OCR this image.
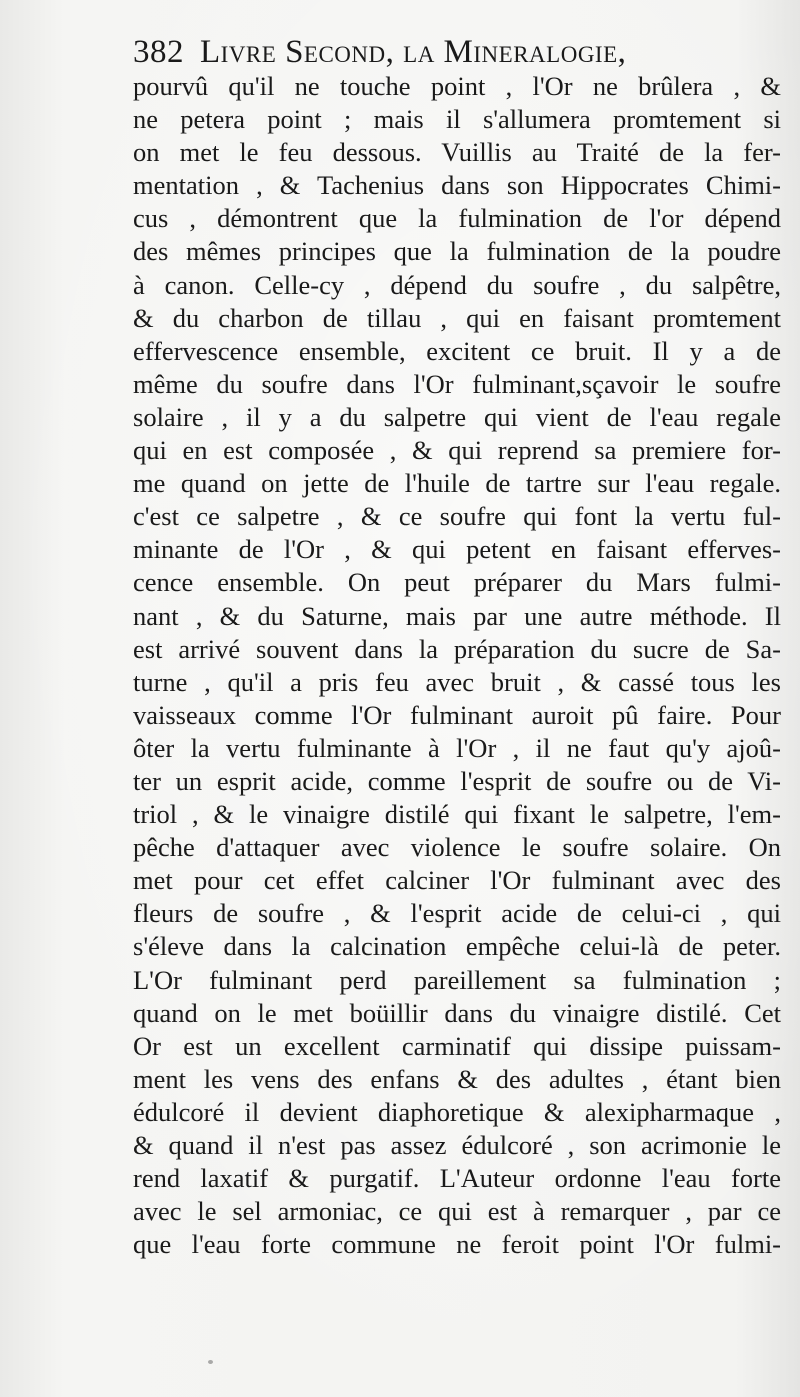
382 Livre Second, la Mineralogie,
pourvû qu'il ne touche point , l'Or ne brûlera , &
ne petera point ; mais il s'allumera promtement si
on met le feu dessous. Vuillis au Traité de la fer-
mentation , & Tachenius dans son Hippocrates Chimi-
cus , démontrent que la fulmination de l'or dépend
des mêmes principes que la fulmination de la poudre
à canon. Celle-cy , dépend du soufre , du salpêtre,
& du charbon de tillau , qui en faisant promtement
effervescence ensemble, excitent ce bruit. Il y a de
même du soufre dans l'Or fulminant,sçavoir le soufre
solaire , il y a du salpetre qui vient de l'eau regale
qui en est composée , & qui reprend sa premiere for-
me quand on jette de l'huile de tartre sur l'eau regale.
c'est ce salpetre , & ce soufre qui font la vertu ful-
minante de l'Or , & qui petent en faisant efferves-
cence ensemble. On peut préparer du Mars fulmi-
nant , & du Saturne, mais par une autre méthode. Il
est arrivé souvent dans la préparation du sucre de Sa-
turne , qu'il a pris feu avec bruit , & cassé tous les
vaisseaux comme l'Or fulminant auroit pû faire. Pour
ôter la vertu fulminante à l'Or , il ne faut qu'y ajoû-
ter un esprit acide, comme l'esprit de soufre ou de Vi-
triol , & le vinaigre distilé qui fixant le salpetre, l'em-
pêche d'attaquer avec violence le soufre solaire. On
met pour cet effet calciner l'Or fulminant avec des
fleurs de soufre , & l'esprit acide de celui-ci , qui
s'éleve dans la calcination empêche celui-là de peter.
L'Or fulminant perd pareillement sa fulmination ;
quand on le met boüillir dans du vinaigre distilé. Cet
Or est un excellent carminatif qui dissipe puissam-
ment les vens des enfans & des adultes , étant bien
édulcoré il devient diaphoretique & alexipharmaque ,
& quand il n'est pas assez édulcoré , son acrimonie le
rend laxatif & purgatif. L'Auteur ordonne l'eau forte
avec le sel armoniac, ce qui est à remarquer , par ce
que l'eau forte commune ne feroit point l'Or fulmi-
